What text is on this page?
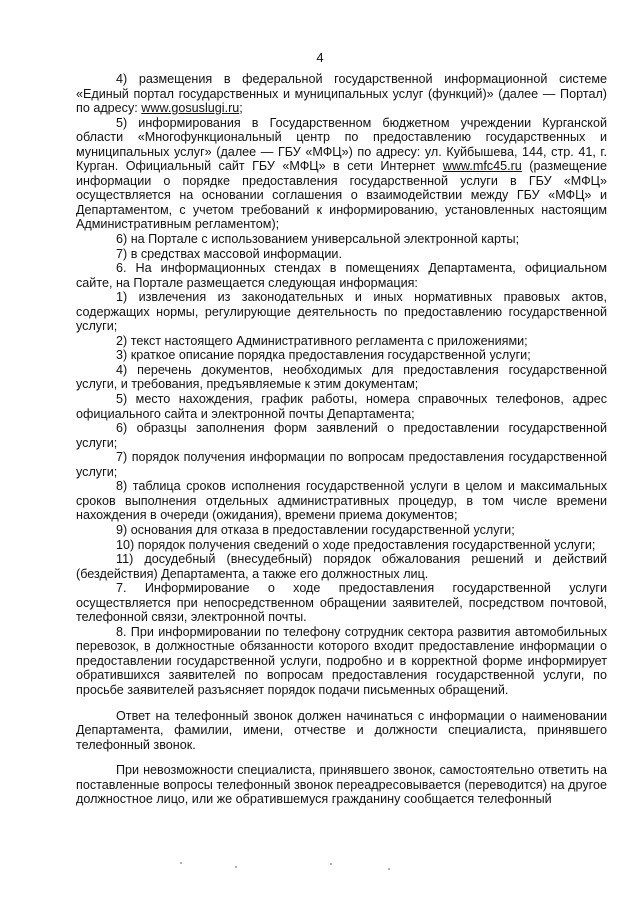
4

4) размещения в федеральной государственной информационной системе «Единый портал государственных и муниципальных услуг (функций)» (далее — Портал) по адресу: www.gosuslugi.ru;

5) информирования в Государственном бюджетном учреждении Курганской области «Многофункциональный центр по предоставлению государственных и муниципальных услуг» (далее — ГБУ «МФЦ») по адресу: ул. Куйбышева, 144, стр. 41, г. Курган. Официальный сайт ГБУ «МФЦ» в сети Интернет www.mfc45.ru (размещение информации о порядке предоставления государственной услуги в ГБУ «МФЦ» осуществляется на основании соглашения о взаимодействии между ГБУ «МФЦ» и Департаментом, с учетом требований к информированию, установленных настоящим Административным регламентом);

6) на Портале с использованием универсальной электронной карты;

7) в средствах массовой информации.

6. На информационных стендах в помещениях Департамента, официальном сайте, на Портале размещается следующая информация:

1) извлечения из законодательных и иных нормативных правовых актов, содержащих нормы, регулирующие деятельность по предоставлению государственной услуги;

2) текст настоящего Административного регламента с приложениями;

3) краткое описание порядка предоставления государственной услуги;

4) перечень документов, необходимых для предоставления государственной услуги, и требования, предъявляемые к этим документам;

5) место нахождения, график работы, номера справочных телефонов, адрес официального сайта и электронной почты Департамента;

6) образцы заполнения форм заявлений о предоставлении государственной услуги;

7) порядок получения информации по вопросам предоставления государственной услуги;

8) таблица сроков исполнения государственной услуги в целом и максимальных сроков выполнения отдельных административных процедур, в том числе времени нахождения в очереди (ожидания), времени приема документов;

9) основания для отказа в предоставлении государственной услуги;

10) порядок получения сведений о ходе предоставления государственной услуги;

11) досудебный (внесудебный) порядок обжалования решений и действий (бездействия) Департамента, а также его должностных лиц.

7. Информирование о ходе предоставления государственной услуги осуществляется при непосредственном обращении заявителей, посредством почтовой, телефонной связи, электронной почты.

8. При информировании по телефону сотрудник сектора развития автомобильных перевозок, в должностные обязанности которого входит предоставление информации о предоставлении государственной услуги, подробно и в корректной форме информирует обратившихся заявителей по вопросам предоставления государственной услуги, по просьбе заявителей разъясняет порядок подачи письменных обращений.

Ответ на телефонный звонок должен начинаться с информации о наименовании Департамента, фамилии, имени, отчестве и должности специалиста, принявшего телефонный звонок.

При невозможности специалиста, принявшего звонок, самостоятельно ответить на поставленные вопросы телефонный звонок переадресовывается (переводится) на другое должностное лицо, или же обратившемуся гражданину сообщается телефонный
